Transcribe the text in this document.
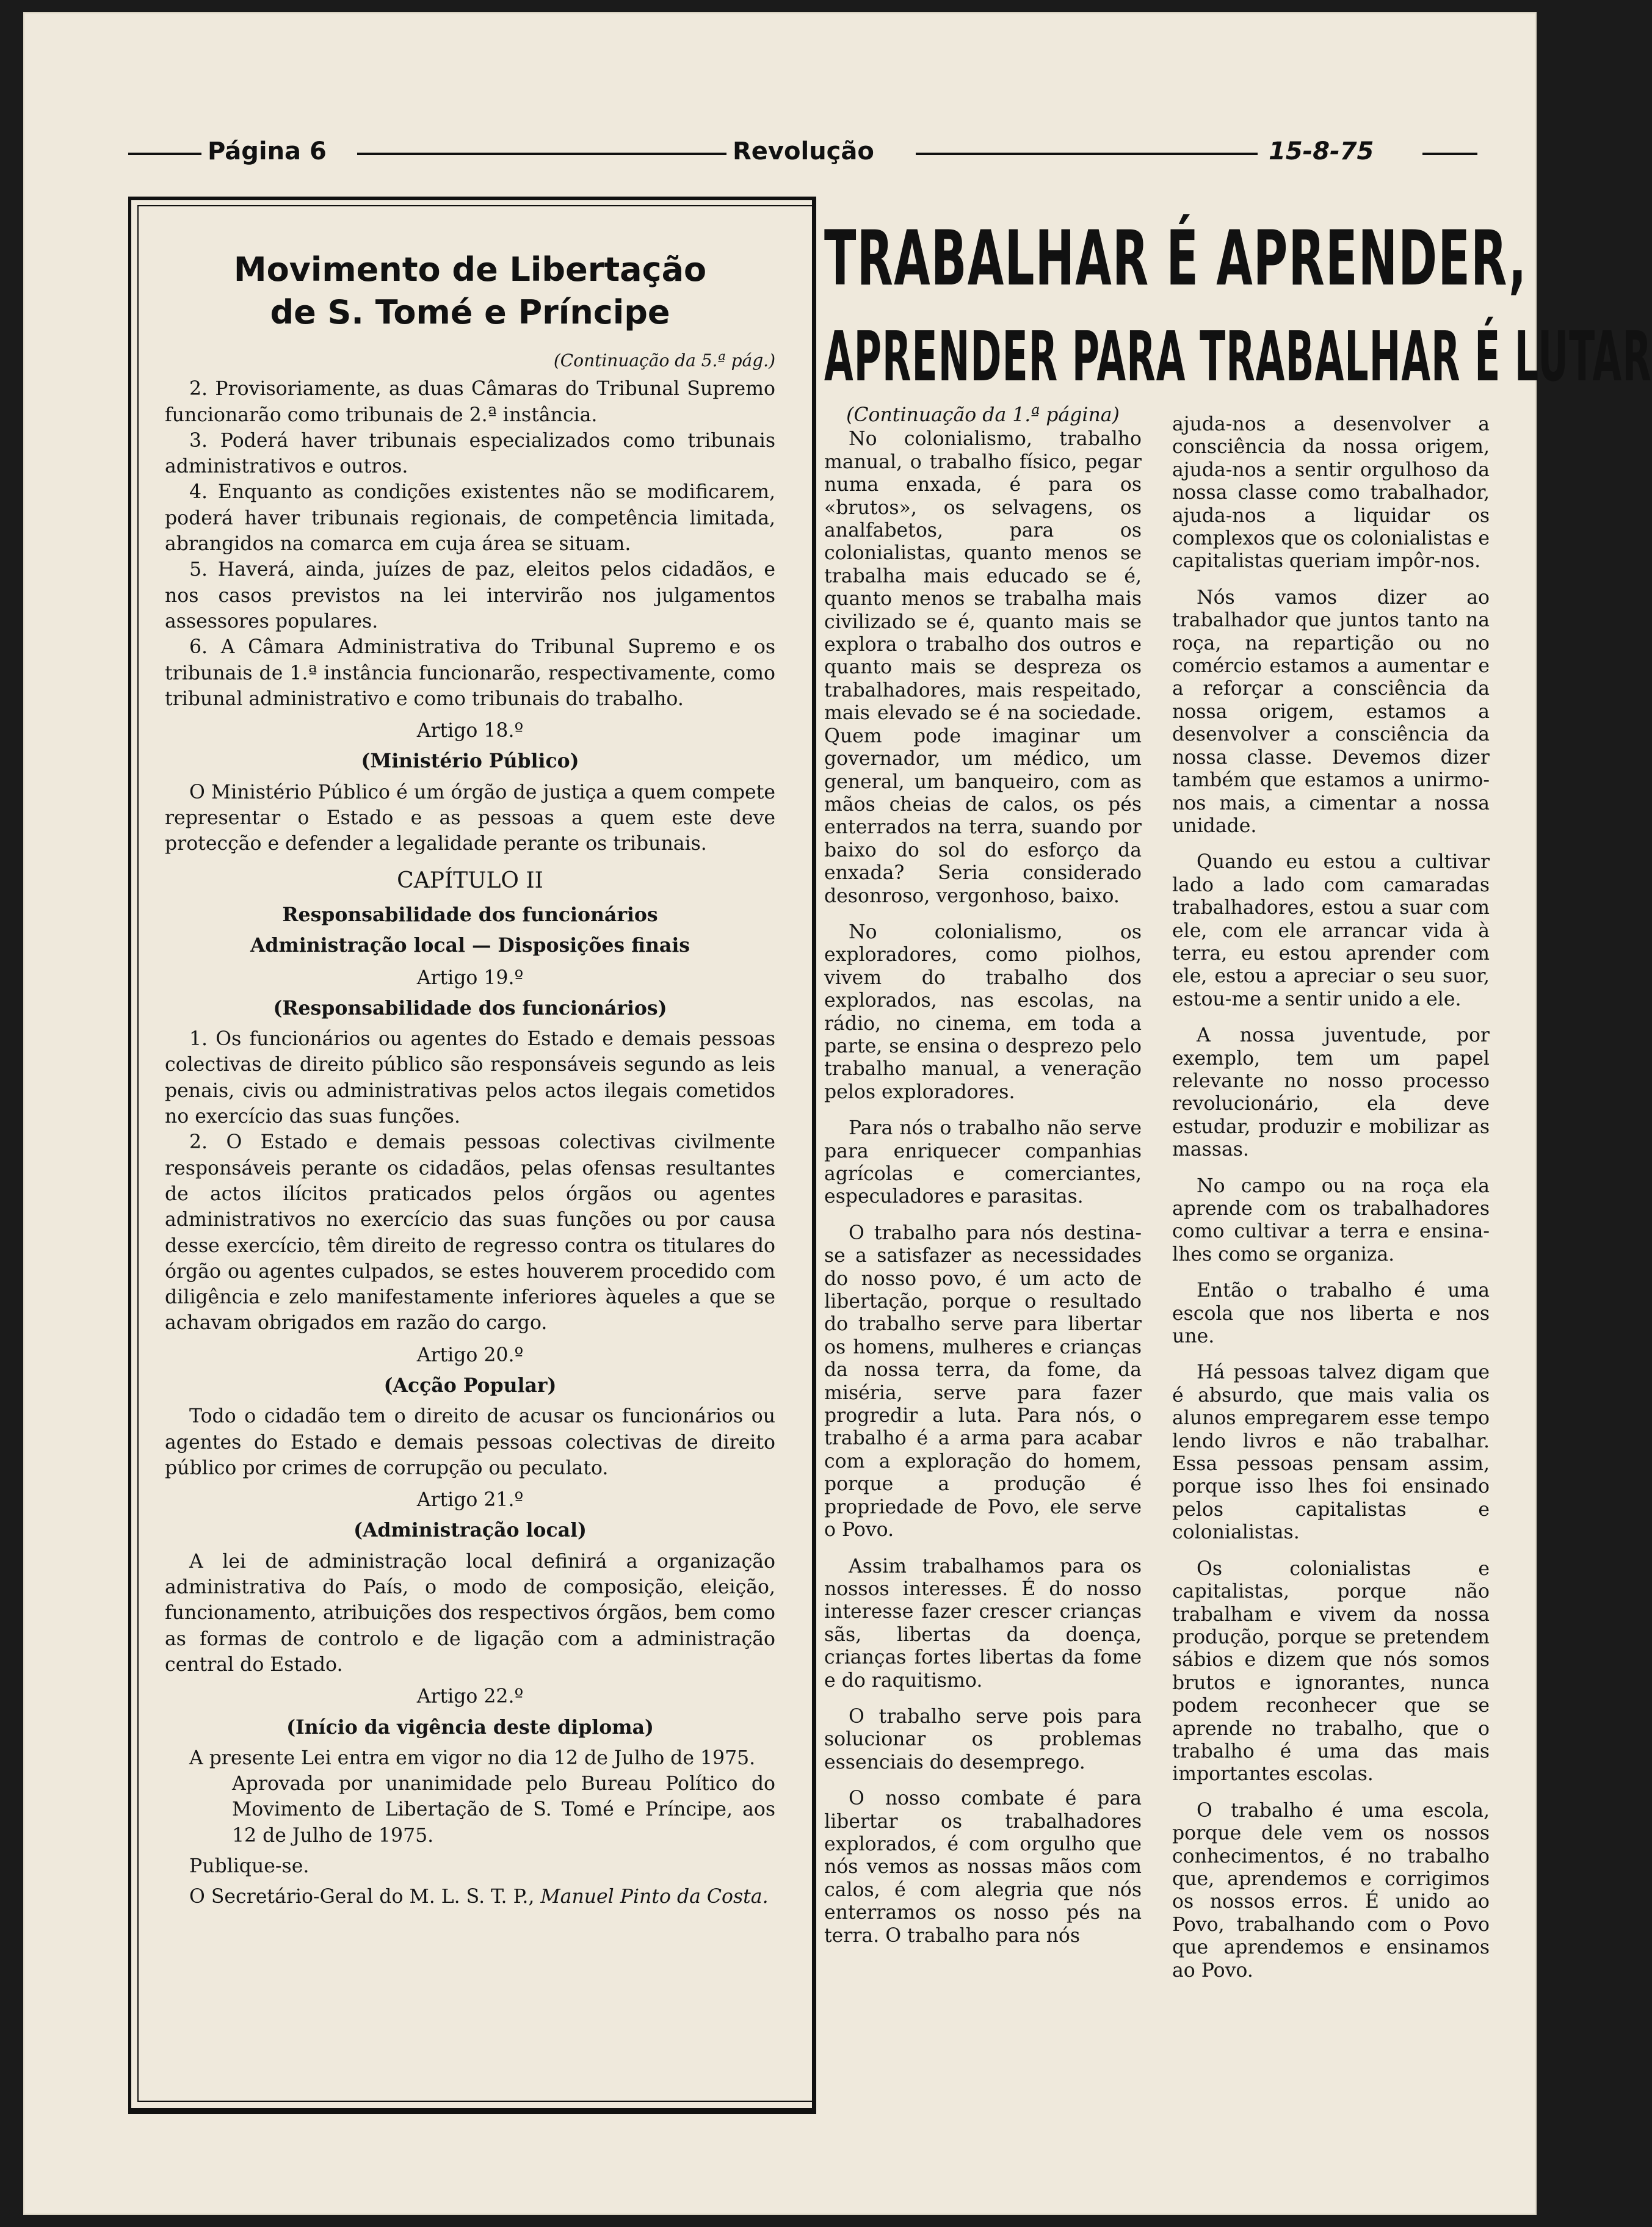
Página 6	Revolução	15-8-75
Movimento de Libertação
de S. Tomé e Príncipe

(Continuação da 5.ª pág.)

2. Provisoriamente, as duas Câmaras do Tribunal Supremo funcionarão como tribunais de 2.ª instância.

3. Poderá haver tribunais especializados como tribunais administrativos e outros.

4. Enquanto as condições existentes não se modificarem, poderá haver tribunais regionais, de competência limitada, abrangidos na comarca em cuja área se situam.

5. Haverá, ainda, juízes de paz, eleitos pelos cidadãos, e nos casos previstos na lei intervirão nos julgamentos assessores populares.

6. A Câmara Administrativa do Tribunal Supremo e os tribunais de 1.ª instância funcionarão, respectivamente, como tribunal administrativo e como tribunais do trabalho.

Artigo 18.º

(Ministério Público)

O Ministério Público é um órgão de justiça a quem compete representar o Estado e as pessoas a quem este deve protecção e defender a legalidade perante os tribunais.

CAPÍTULO II

Responsabilidade dos funcionários

Administração local — Disposições finais

Artigo 19.º

(Responsabilidade dos funcionários)

1. Os funcionários ou agentes do Estado e demais pessoas colectivas de direito público são responsáveis segundo as leis penais, civis ou administrativas pelos actos ilegais cometidos no exercício das suas funções.

2. O Estado e demais pessoas colectivas civilmente responsáveis perante os cidadãos, pelas ofensas resultantes de actos ilícitos praticados pelos órgãos ou agentes administrativos no exercício das suas funções ou por causa desse exercício, têm direito de regresso contra os titulares do órgão ou agentes culpados, se estes houverem procedido com diligência e zelo manifestamente inferiores àqueles a que se achavam obrigados em razão do cargo.

Artigo 20.º

(Acção Popular)

Todo o cidadão tem o direito de acusar os funcionários ou agentes do Estado e demais pessoas colectivas de direito público por crimes de corrupção ou peculato.

Artigo 21.º

(Administração local)

A lei de administração local definirá a organização administrativa do País, o modo de composição, eleição, funcionamento, atribuições dos respectivos órgãos, bem como as formas de controlo e de ligação com a administração central do Estado.

Artigo 22.º

(Início da vigência deste diploma)

A presente Lei entra em vigor no dia 12 de Julho de 1975.

Aprovada por unanimidade pelo Bureau Político do Movimento de Libertação de S. Tomé e Príncipe, aos 12 de Julho de 1975.

Publique-se.

O Secretário-Geral do M. L. S. T. P., Manuel Pinto da Costa.

TRABALHAR É APRENDER,
APRENDER PARA TRABALHAR É LUTAR

(Continuação da 1.ª página)

No colonialismo, trabalho manual, o trabalho físico, pegar numa enxada, é para os «brutos», os selvagens, os analfabetos, para os colonialistas, quanto menos se trabalha mais educado se é, quanto menos se trabalha mais civilizado se é, quanto mais se explora o trabalho dos outros e quanto mais se despreza os trabalhadores, mais respeitado, mais elevado se é na sociedade. Quem pode imaginar um governador, um médico, um general, um banqueiro, com as mãos cheias de calos, os pés enterrados na terra, suando por baixo do sol do esforço da enxada? Seria considerado desonroso, vergonhoso, baixo.

No colonialismo, os exploradores, como piolhos, vivem do trabalho dos explorados, nas escolas, na rádio, no cinema, em toda a parte, se ensina o desprezo pelo trabalho manual, a veneração pelos exploradores.

Para nós o trabalho não serve para enriquecer companhias agrícolas e comerciantes, especuladores e parasitas.

O trabalho para nós destina-se a satisfazer as necessidades do nosso povo, é um acto de libertação, porque o resultado do trabalho serve para libertar os homens, mulheres e crianças da nossa terra, da fome, da miséria, serve para fazer progredir a luta. Para nós, o trabalho é a arma para acabar com a exploração do homem, porque a produção é propriedade de Povo, ele serve o Povo.

Assim trabalhamos para os nossos interesses. É do nosso interesse fazer crescer crianças sãs, libertas da doença, crianças fortes libertas da fome e do raquitismo.

O trabalho serve pois para solucionar os problemas essenciais do desemprego.

O nosso combate é para libertar os trabalhadores explorados, é com orgulho que nós vemos as nossas mãos com calos, é com alegria que nós enterramos os nosso pés na terra. O trabalho para nós

ajuda-nos a desenvolver a consciência da nossa origem, ajuda-nos a sentir orgulhoso da nossa classe como trabalhador, ajuda-nos a liquidar os complexos que os colonialistas e capitalistas queriam impôr-nos.

Nós vamos dizer ao trabalhador que juntos tanto na roça, na repartição ou no comércio estamos a aumentar e a reforçar a consciência da nossa origem, estamos a desenvolver a consciência da nossa classe. Devemos dizer também que estamos a unirmo-nos mais, a cimentar a nossa unidade.

Quando eu estou a cultivar lado a lado com camaradas trabalhadores, estou a suar com ele, com ele arrancar vida à terra, eu estou aprender com ele, estou a apreciar o seu suor, estou-me a sentir unido a ele.

A nossa juventude, por exemplo, tem um papel relevante no nosso processo revolucionário, ela deve estudar, produzir e mobilizar as massas.

No campo ou na roça ela aprende com os trabalhadores como cultivar a terra e ensina-lhes como se organiza.

Então o trabalho é uma escola que nos liberta e nos une.

Há pessoas talvez digam que é absurdo, que mais valia os alunos empregarem esse tempo lendo livros e não trabalhar. Essa pessoas pensam assim, porque isso lhes foi ensinado pelos capitalistas e colonialistas.

Os colonialistas e capitalistas, porque não trabalham e vivem da nossa produção, porque se pretendem sábios e dizem que nós somos brutos e ignorantes, nunca podem reconhecer que se aprende no trabalho, que o trabalho é uma das mais importantes escolas.

O trabalho é uma escola, porque dele vem os nossos conhecimentos, é no trabalho que, aprendemos e corrigimos os nossos erros. É unido ao Povo, trabalhando com o Povo que aprendemos e ensinamos ao Povo.
